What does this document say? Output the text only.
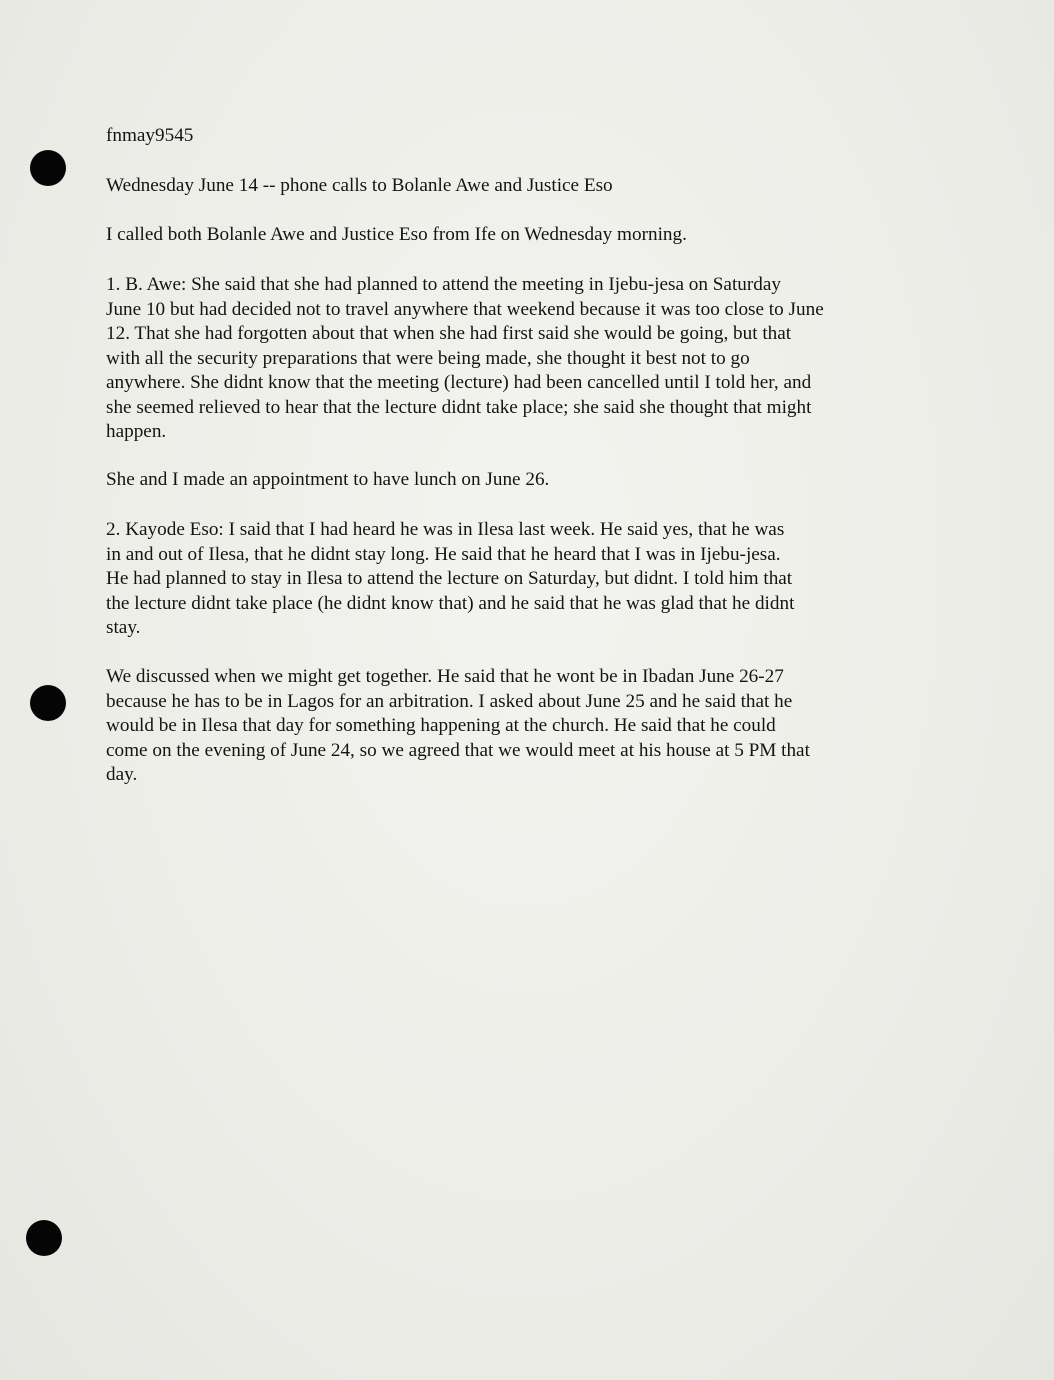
fnmay9545
Wednesday June 14 -- phone calls to Bolanle Awe and Justice Eso
I called both Bolanle Awe and Justice Eso from Ife on Wednesday morning.
1. B. Awe: She said that she had planned to attend the meeting in Ijebu-jesa on Saturday
June 10 but had decided not to travel anywhere that weekend because it was too close to June
12. That she had forgotten about that when she had first said she would be going, but that
with all the security preparations that were being made, she thought it best not to go
anywhere. She didnt know that the meeting (lecture) had been cancelled until I told her, and
she seemed relieved to hear that the lecture didnt take place; she said she thought that might
happen.
She and I made an appointment to have lunch on June 26.
2. Kayode Eso: I said that I had heard he was in Ilesa last week. He said yes, that he was
in and out of Ilesa, that he didnt stay long. He said that he heard that I was in Ijebu-jesa.
He had planned to stay in Ilesa to attend the lecture on Saturday, but didnt. I told him that
the lecture didnt take place (he didnt know that) and he said that he was glad that he didnt
stay.
We discussed when we might get together. He said that he wont be in Ibadan June 26-27
because he has to be in Lagos for an arbitration. I asked about June 25 and he said that he
would be in Ilesa that day for something happening at the church. He said that he could
come on the evening of June 24, so we agreed that we would meet at his house at 5 PM that
day.
